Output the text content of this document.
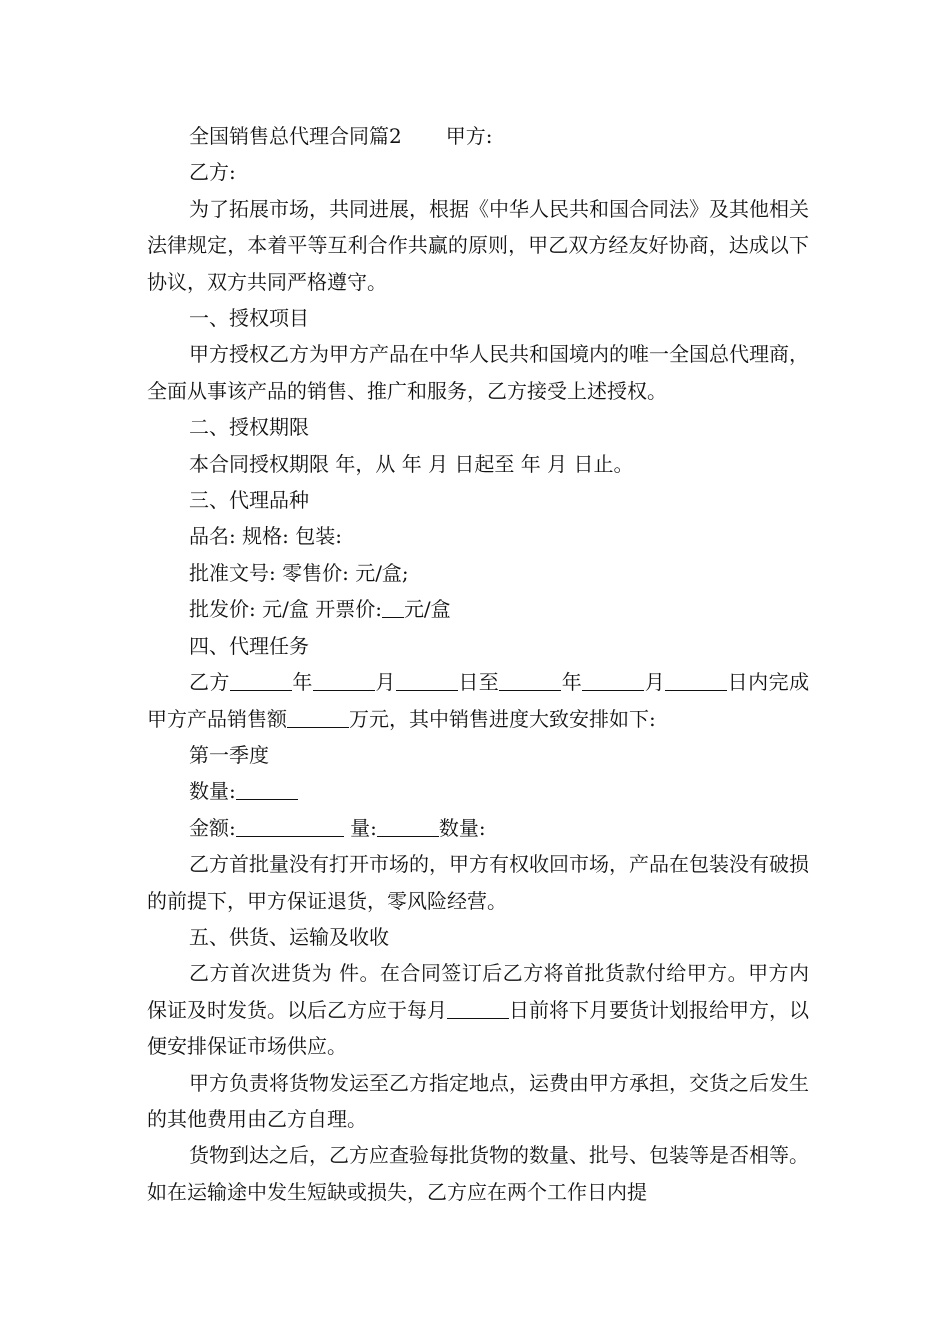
全国销售总代理合同篇2 甲方:

乙方:

为了拓展市场，共同进展，根据《中华人民共和国合同法》及其他相关法律规定，本着平等互利合作共赢的原则，甲乙双方经友好协商，达成以下协议，双方共同严格遵守。

一、授权项目

甲方授权乙方为甲方产品在中华人民共和国境内的唯一全国总代理商，全面从事该产品的销售、推广和服务，乙方接受上述授权。

二、授权期限

本合同授权期限 年，从 年 月 日起至 年 月 日止。

三、代理品种

品名: 规格: 包装:

批准文号: 零售价: 元/盒;

批发价: 元/盒 开票价: 元/盒

四、代理任务

乙方	年	月	日至	年	月	日内完成甲方产品销售额	万元，其中销售进度大致安排如下:

第一季度

数量:

金额:	量:	数量:

乙方首批量没有打开市场的，甲方有权收回市场，产品在包装没有破损的前提下，甲方保证退货，零风险经营。

五、供货、运输及收收

乙方首次进货为 件。在合同签订后乙方将首批货款付给甲方。甲方内保证及时发货。以后乙方应于每月	日前将下月要货计划报给甲方，以便安排保证市场供应。

甲方负责将货物发运至乙方指定地点，运费由甲方承担，交货之后发生的其他费用由乙方自理。

货物到达之后，乙方应查验每批货物的数量、批号、包装等是否相等。如在运输途中发生短缺或损失，乙方应在两个工作日内提
